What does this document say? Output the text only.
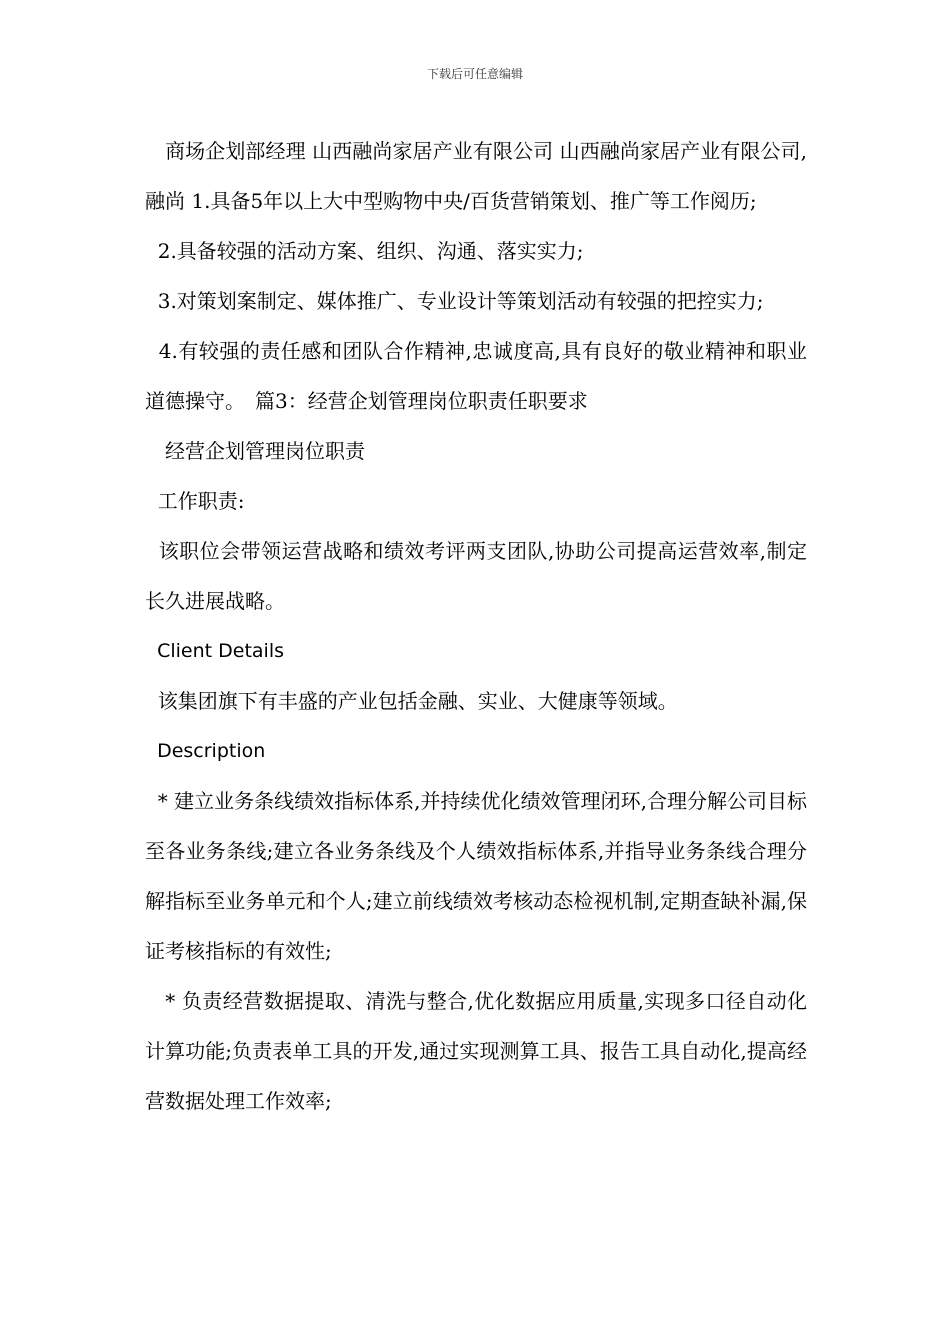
下载后可任意编辑

　商场企划部经理 山西融尚家居产业有限公司 山西融尚家居产业有限公司,融尚 1.具备5年以上大中型购物中央/百货营销策划、推广等工作阅历;

2.具备较强的活动方案、组织、沟通、落实实力;

3.对策划案制定、媒体推广、专业设计等策划活动有较强的把控实力;

4.有较强的责任感和团队合作精神,忠诚度高,具有良好的敬业精神和职业道德操守。　篇3：经营企划管理岗位职责任职要求

　经营企划管理岗位职责

工作职责:

该职位会带领运营战略和绩效考评两支团队,协助公司提高运营效率,制定长久进展战略。

Client Details

该集团旗下有丰盛的产业包括金融、实业、大健康等领域。

Description

* 建立业务条线绩效指标体系,并持续优化绩效管理闭环,合理分解公司目标至各业务条线;建立各业务条线及个人绩效指标体系,并指导业务条线合理分解指标至业务单元和个人;建立前线绩效考核动态检视机制,定期查缺补漏,保证考核指标的有效性;

* 负责经营数据提取、清洗与整合,优化数据应用质量,实现多口径自动化计算功能;负责表单工具的开发,通过实现测算工具、报告工具自动化,提高经营数据处理工作效率;
